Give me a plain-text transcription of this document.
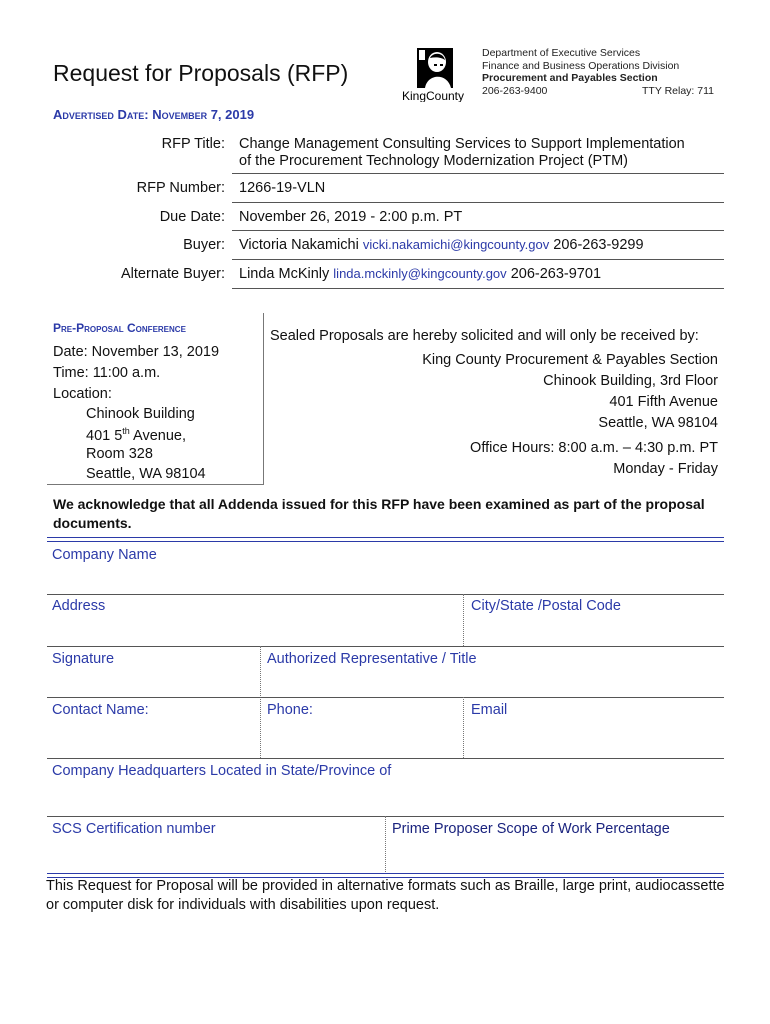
Request for Proposals (RFP)
KingCounty
Department of Executive Services
Finance and Business Operations Division
Procurement and Payables Section
206-263-9400	TTY Relay: 711
Advertised Date: November 7, 2019
RFP Title: Change Management Consulting Services to Support Implementation
of the Procurement Technology Modernization Project (PTM)
RFP Number: 1266-19-VLN
Due Date: November 26, 2019 - 2:00 p.m. PT
Buyer: Victoria Nakamichi vicki.nakamichi@kingcounty.gov 206-263-9299
Alternate Buyer: Linda McKinly linda.mckinly@kingcounty.gov 206-263-9701
Pre-Proposal Conference
Date: November 13, 2019
Time: 11:00 a.m.
Location:
Chinook Building
401 5th Avenue,
Room 328
Seattle, WA 98104
Sealed Proposals are hereby solicited and will only be received by:
King County Procurement & Payables Section
Chinook Building, 3rd Floor
401 Fifth Avenue
Seattle, WA 98104
Office Hours: 8:00 a.m. – 4:30 p.m. PT
Monday - Friday
We acknowledge that all Addenda issued for this RFP have been examined as part of the proposal documents.
Company Name
Address	City/State /Postal Code
Signature	Authorized Representative / Title
Contact Name:	Phone:	Email
Company Headquarters Located in State/Province of
SCS Certification number	Prime Proposer Scope of Work Percentage
This Request for Proposal will be provided in alternative formats such as Braille, large print, audiocassette or computer disk for individuals with disabilities upon request.
